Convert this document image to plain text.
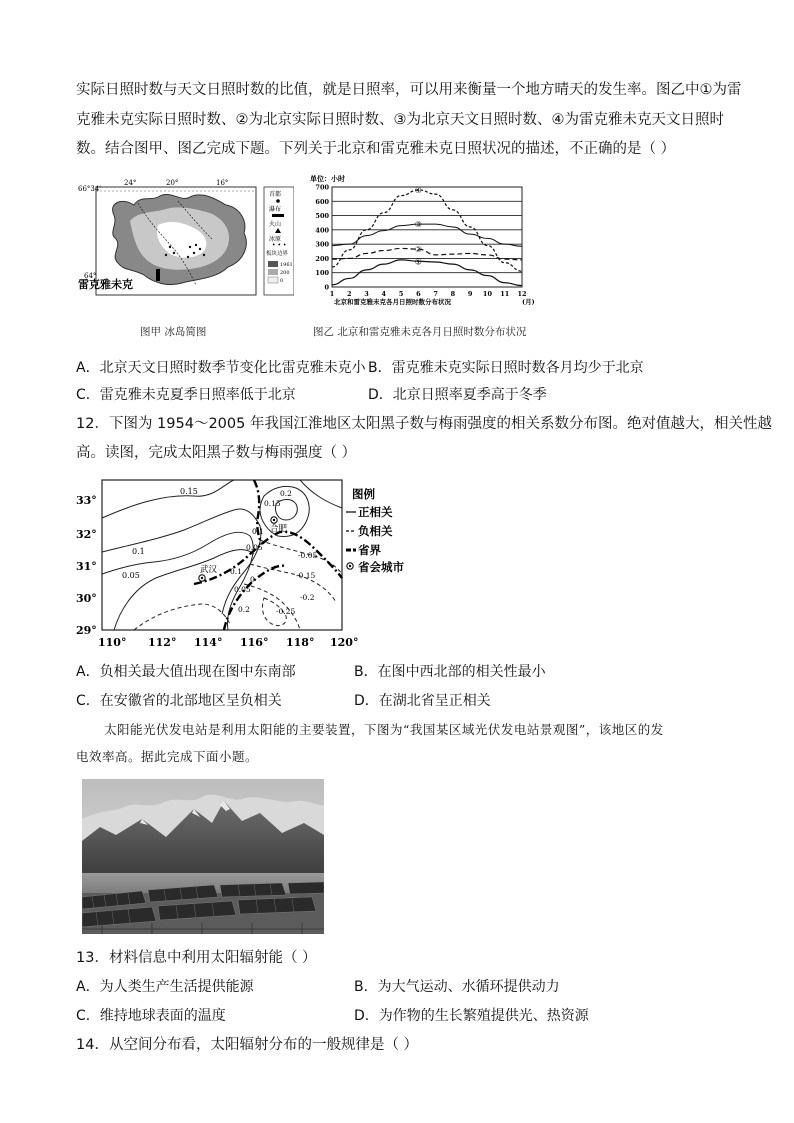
实际日照时数与天文日照时数的比值，就是日照率，可以用来衡量一个地方晴天的发生率。图乙中①为雷
克雅未克实际日照时数、②为北京实际日照时数、③为北京天文日照时数、④为雷克雅未克天文日照时
数。结合图甲、图乙完成下题。下列关于北京和雷克雅未克日照状况的描述，不正确的是（ ）
24°	20°	16°
66°34′
64°
雷克雅未克
首都
瀑布
火山
冰原
• • •
板块边界
1961
200
0
单位：小时
700
600
500
400
300
200
100
0
1 2 3 4 5 6 7 8 9 10 11 12
①
②
③
④
北京和雷克雅未克各月日照时数分布状况	(月)
图甲 冰岛简图	图乙 北京和雷克雅未克各月日照时数分布状况
A．北京天文日照时数季节变化比雷克雅未克小 B．雷克雅未克实际日照时数各月均少于北京
C．雷克雅未克夏季日照率低于北京	D．北京日照率夏季高于冬季
12．下图为 1954～2005 年我国江淮地区太阳黑子数与梅雨强度的相关系数分布图。绝对值越大，相关性越
高。读图，完成太阳黑子数与梅雨强度（ ）
合肥
武汉
0.15
0.1
0.2
0.15
0.1
0.05
0.05	0.1
0.05
-0.05
-0.15
0
-0.2
-0.25
0.2
33°
32°
31°
30°
29°
110° 112° 114° 116° 118° 120°
图例
正相关
负相关
省界
省会城市
A．负相关最大值出现在图中东南部	B．在图中西北部的相关性最小
C．在安徽省的北部地区呈负相关	D．在湖北省呈正相关
太阳能光伏发电站是利用太阳能的主要装置，下图为“我国某区域光伏发电站景观图”，该地区的发
电效率高。据此完成下面小题。
13．材料信息中利用太阳辐射能（ ）
A．为人类生产生活提供能源	B．为大气运动、水循环提供动力
C．维持地球表面的温度	D．为作物的生长繁殖提供光、热资源
14．从空间分布看，太阳辐射分布的一般规律是（ ）
